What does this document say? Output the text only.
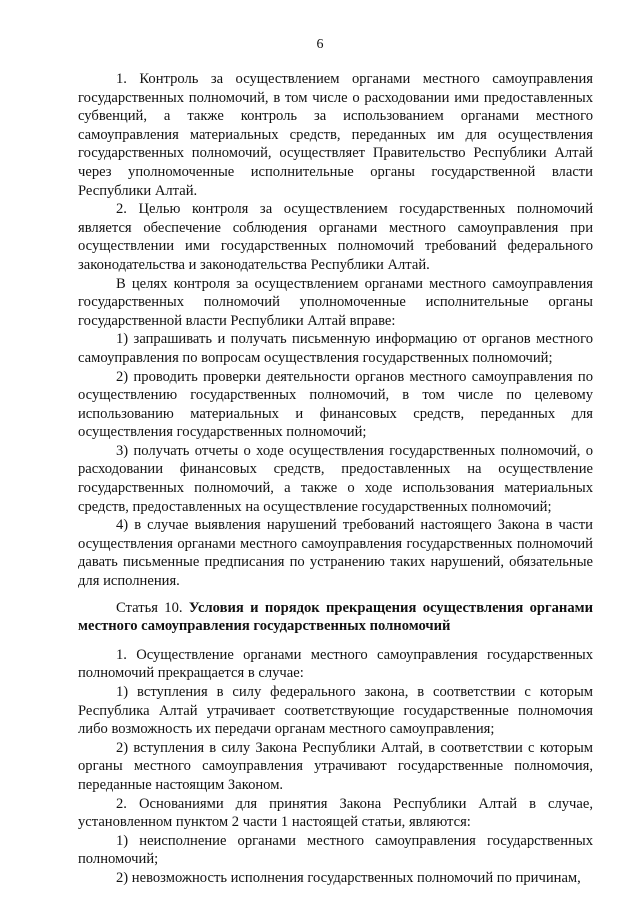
6

1. Контроль за осуществлением органами местного самоуправления государственных полномочий, в том числе о расходовании ими предоставленных субвенций, а также контроль за использованием органами местного самоуправления материальных средств, переданных им для осуществления государственных полномочий, осуществляет Правительство Республики Алтай через уполномоченные исполнительные органы государственной власти Республики Алтай.

2. Целью контроля за осуществлением государственных полномочий является обеспечение соблюдения органами местного самоуправления при осуществлении ими государственных полномочий требований федерального законодательства и законодательства Республики Алтай.

В целях контроля за осуществлением органами местного самоуправления государственных полномочий уполномоченные исполнительные органы государственной власти Республики Алтай вправе:

1) запрашивать и получать письменную информацию от органов местного самоуправления по вопросам осуществления государственных полномочий;

2) проводить проверки деятельности органов местного самоуправления по осуществлению государственных полномочий, в том числе по целевому использованию материальных и финансовых средств, переданных для осуществления государственных полномочий;

3) получать отчеты о ходе осуществления государственных полномочий, о расходовании финансовых средств, предоставленных на осуществление государственных полномочий, а также о ходе использования материальных средств, предоставленных на осуществление государственных полномочий;

4) в случае выявления нарушений требований настоящего Закона в части осуществления органами местного самоуправления государственных полномочий давать письменные предписания по устранению таких нарушений, обязательные для исполнения.

Статья 10. Условия и порядок прекращения осуществления органами местного самоуправления государственных полномочий

1. Осуществление органами местного самоуправления государственных полномочий прекращается в случае:

1) вступления в силу федерального закона, в соответствии с которым Республика Алтай утрачивает соответствующие государственные полномочия либо возможность их передачи органам местного самоуправления;

2) вступления в силу Закона Республики Алтай, в соответствии с которым органы местного самоуправления утрачивают государственные полномочия, переданные настоящим Законом.

2. Основаниями для принятия Закона Республики Алтай в случае, установленном пунктом 2 части 1 настоящей статьи, являются:

1) неисполнение органами местного самоуправления государственных полномочий;

2) невозможность исполнения государственных полномочий по причинам,
